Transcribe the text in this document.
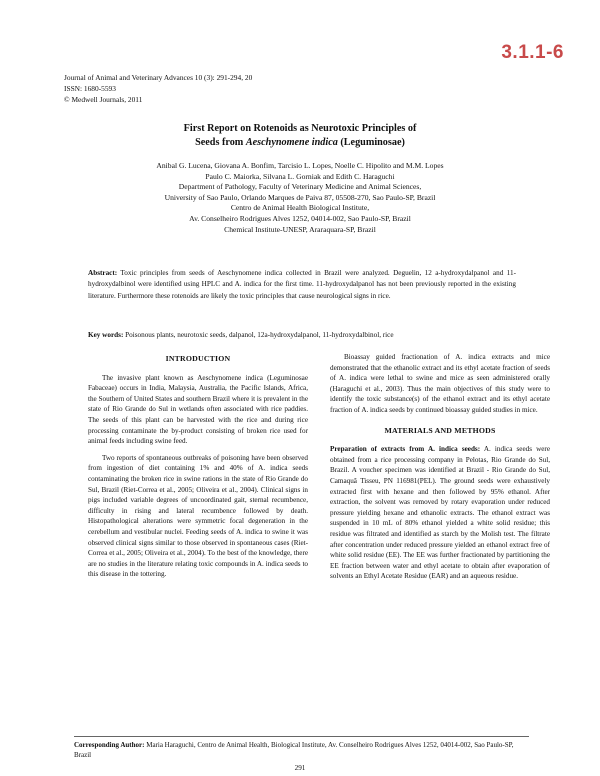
3.1.1-6
Journal of Animal and Veterinary Advances 10 (3): 291-294, 20
ISSN: 1680-5593
© Medwell Journals, 2011
First Report on Rotenoids as Neurotoxic Principles of
Seeds from Aeschynomene indica (Leguminosae)
Anibal G. Lucena, Giovana A. Bonfim, Tarcisio L. Lopes, Noelle C. Hipolito and M.M. Lopes
Paulo C. Maiorka, Silvana L. Gorniak and Edith C. Haraguchi
Department of Pathology, Faculty of Veterinary Medicine and Animal Sciences,
University of Sao Paulo, Orlando Marques de Paiva 87, 05508-270, Sao Paulo-SP, Brazil
Centro de Animal Health Biological Institute,
Av. Conselheiro Rodrigues Alves 1252, 04014-002, Sao Paulo-SP, Brazil
Chemical Institute-UNESP, Araraquara-SP, Brazil
Abstract: Toxic principles from seeds of Aeschynomene indica collected in Brazil were analyzed. Deguelin, 12 a-hydroxydalpanol and 11-hydroxydalbinol were identified using HPLC and A. indica for the first time. 11-hydroxydalpanol has not been previously reported in the existing literature. Furthermore these rotenoids are likely the toxic principles that cause neurological signs in rice.
Key words: Poisonous plants, neurotoxic seeds, dalpanol, 12a-hydroxydalpanol, 11-hydroxydalbinol, rice
INTRODUCTION

The invasive plant known as Aeschynomene indica (Leguminosae Fabaceae) occurs in India, Malaysia, Australia, the Pacific Islands, Africa, the Southern of United States and southern Brazil where it is prevalent in the state of Rio Grande do Sul in wetlands often associated with rice paddies. The seeds of this plant can be harvested with the rice and during rice processing contaminate the by-product consisting of broken rice used for animal feeds including swine feed.

Two reports of spontaneous outbreaks of poisoning have been observed from ingestion of diet containing 1% and 40% of A. indica seeds contaminating the broken rice in swine rations in the state of Rio Grande do Sul, Brazil (Riet-Correa et al., 2005; Oliveira et al., 2004). Clinical signs in pigs included variable degrees of uncoordinated gait, sternal recumbence, difficulty in rising and lateral recumbence followed by death. Histopathological alterations were symmetric focal degeneration in the cerebellum and vestibular nuclei. Feeding seeds of A. indica to swine it was observed clinical signs similar to those observed in spontaneous cases (Riet-Correa et al., 2005; Oliveira et al., 2004). To the best of the knowledge, there are no studies in the literature relating toxic compounds in A. indica seeds to this disease in the tottering.

Bioassay guided fractionation of A. indica extracts and mice demonstrated that the ethanolic extract and its ethyl acetate fraction of seeds of A. indica were lethal to swine and mice as seen administered orally (Haraguchi et al., 2003). Thus the main objectives of this study were to identify the toxic substance(s) of the ethanol extract and its ethyl acetate fraction of A. indica seeds by continued bioassay guided studies in mice.

MATERIALS AND METHODS

Preparation of extracts from A. indica seeds: A. indica seeds were obtained from a rice processing company in Pelotas, Rio Grande do Sul, Brazil. A voucher specimen was identified at Brazil - Rio Grande do Sul, Camaquã Tisseu, PN 116981(PEL). The ground seeds were exhaustively extracted first with hexane and then followed by 95% ethanol. After extraction, the solvent was removed by rotary evaporation under reduced pressure yielding hexane and ethanolic extracts. The ethanol extract was suspended in 10 mL of 80% ethanol yielded a white solid residue; this residue was filtrated and identified as starch by the Molish test. The filtrate after concentration under reduced pressure yielded an ethanol extract free of white solid residue (EE). The EE was further fractionated by partitioning the EE fraction between water and ethyl acetate to obtain after evaporation of solvents an Ethyl Acetate Residue (EAR) and an aqueous residue.

Corresponding Author: Maria Haraguchi, Centro de Animal Health, Biological Institute, Av. Conselheiro Rodrigues Alves 1252, 04014-002, Sao Paulo-SP, Brazil
291
